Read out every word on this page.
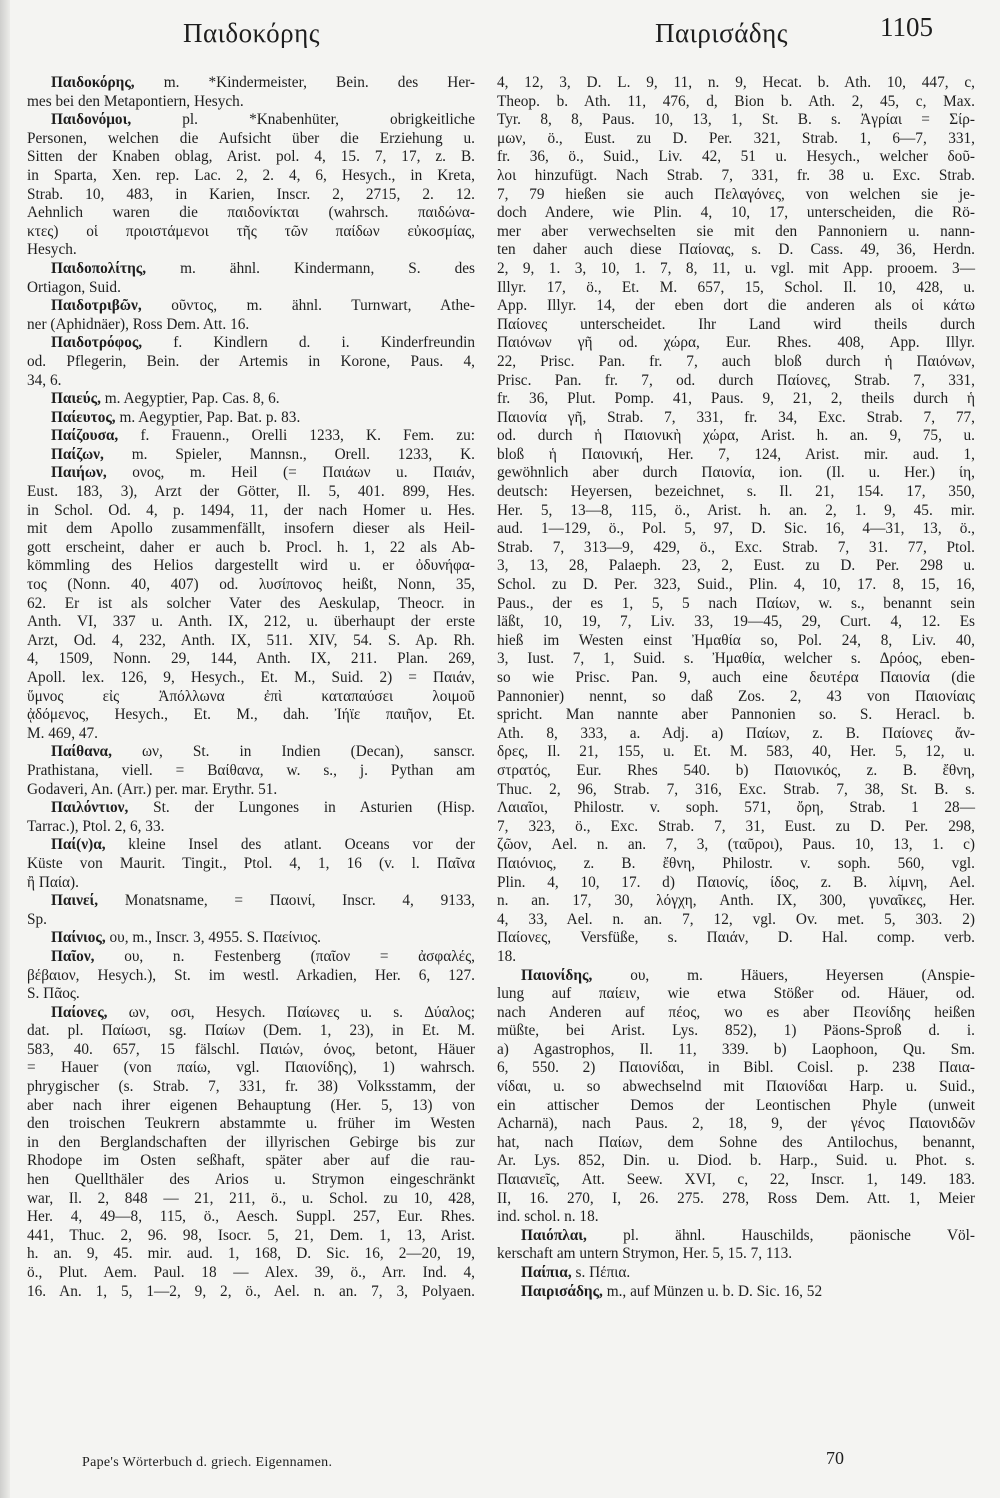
Παιδοκόρης	Παιρισάδης	1105
Παιδοκόρης, m. *Kindermeister, Bein. des Her-
mes bei den Metapontiern, Hesych.
Παιδονόμοι, pl. *Knabenhüter, obrigkeitliche
Personen, welchen die Aufsicht über die Erziehung u.
Sitten der Knaben oblag, Arist. pol. 4, 15. 7, 17, z. B.
in Sparta, Xen. rep. Lac. 2, 2. 4, 6, Hesych., in Kreta,
Strab. 10, 483, in Karien, Inscr. 2, 2715, 2. 12.
Aehnlich waren die παιδονίκται (wahrsch. παιδώνα-
κτες) οἱ προιστάμενοι τῆς τῶν παίδων εὐκοσμίας,
Hesych.
Παιδοπολίτης, m. ähnl. Kindermann, S. des
Ortiagon, Suid.
Παιδοτριβῶν, οῦντος, m. ähnl. Turnwart, Athe-
ner (Aphidnäer), Ross Dem. Att. 16.
Παιδοτρόφος, f. Kindlern d. i. Kinderfreundin
od. Pflegerin, Bein. der Artemis in Korone, Paus. 4,
34, 6.
Παιεύς, m. Aegyptier, Pap. Cas. 8, 6.
Παίευτος, m. Aegyptier, Pap. Bat. p. 83.
Παίζουσα, f. Frauenn., Orelli 1233, K. Fem. zu:
Παίζων, m. Spieler, Mannsn., Orell. 1233, K.
Παιήων, ονος, m. Heil (= Παιάων u. Παιάν,
Eust. 183, 3), Arzt der Götter, Il. 5, 401. 899, Hes.
in Schol. Od. 4, p. 1494, 11, der nach Homer u. Hes.
mit dem Apollo zusammenfällt, insofern dieser als Heil-
gott erscheint, daher er auch b. Procl. h. 1, 22 als Ab-
kömmling des Helios dargestellt wird u. er ὀδυνήφα-
τος (Nonn. 40, 407) od. λυσίπονος heißt, Nonn, 35,
62. Er ist als solcher Vater des Aeskulap, Theocr. in
Anth. VI, 337 u. Anth. IX, 212, u. überhaupt der erste
Arzt, Od. 4, 232, Anth. IX, 511. XIV, 54. S. Ap. Rh.
4, 1509, Nonn. 29, 144, Anth. IX, 211. Plan. 269,
Apoll. lex. 126, 9, Hesych., Et. M., Suid. 2) = Παιάν,
ὕμνος εἰς Ἀπόλλωνα ἐπὶ καταπαύσει λοιμοῦ
ᾀδόμενος, Hesych., Et. M., dah. Ἰήϊε παιῆον, Et.
M. 469, 47.
Παίθανα, ων, St. in Indien (Decan), sanscr.
Prathistana, viell. = Βαίθανα, w. s., j. Pythan am
Godaveri, An. (Arr.) per. mar. Erythr. 51.
Παιλόντιον, St. der Lungones in Asturien (Hisp.
Tarrac.), Ptol. 2, 6, 33.
Παί(ν)α, kleine Insel des atlant. Oceans vor der
Küste von Maurit. Tingit., Ptol. 4, 1, 16 (v. l. Παῖνα
ἢ Παία).
Παινεί, Monatsname, = Παοινί, Inscr. 4, 9133,
Sp.
Παίνιος, ου, m., Inscr. 3, 4955. S. Παείνιος.
Παῖον, ου, n. Festenberg (παῖον = ἀσφαλές,
βέβαιον, Hesych.), St. im westl. Arkadien, Her. 6, 127.
S. Πᾶος.
Παίονες, ων, οσι, Hesych. Παίωνες u. s. Δύαλος;
dat. pl. Παίωσι, sg. Παίων (Dem. 1, 23), in Et. M.
583, 40. 657, 15 fälschl. Παιών, όνος, betont, Häuer
= Hauer (von παίω, vgl. Παιονίδης), 1) wahrsch.
phrygischer (s. Strab. 7, 331, fr. 38) Volksstamm, der
aber nach ihrer eigenen Behauptung (Her. 5, 13) von
den troischen Teukrern abstammte u. früher im Westen
in den Berglandschaften der illyrischen Gebirge bis zur
Rhodope im Osten seßhaft, später aber auf die rau-
hen Quellthäler des Arios u. Strymon eingeschränkt
war, Il. 2, 848 — 21, 211, ö., u. Schol. zu 10, 428,
Her. 4, 49—8, 115, ö., Aesch. Suppl. 257, Eur. Rhes.
441, Thuc. 2, 96. 98, Isocr. 5, 21, Dem. 1, 13, Arist.
h. an. 9, 45. mir. aud. 1, 168, D. Sic. 16, 2—20, 19,
ö., Plut. Aem. Paul. 18 — Alex. 39, ö., Arr. Ind. 4,
16. An. 1, 5, 1—2, 9, 2, ö., Ael. n. an. 7, 3, Polyaen.
4, 12, 3, D. L. 9, 11, n. 9, Hecat. b. Ath. 10, 447, c,
Theop. b. Ath. 11, 476, d, Bion b. Ath. 2, 45, c, Max.
Tyr. 8, 8, Paus. 10, 13, 1, St. B. s. Ἀγρίαι = Σίρ-
μων, ö., Eust. zu D. Per. 321, Strab. 1, 6—7, 331,
fr. 36, ö., Suid., Liv. 42, 51 u. Hesych., welcher δοῦ-
λοι hinzufügt. Nach Strab. 7, 331, fr. 38 u. Exc. Strab.
7, 79 hießen sie auch Πελαγόνες, von welchen sie je-
doch Andere, wie Plin. 4, 10, 17, unterscheiden, die Rö-
mer aber verwechselten sie mit den Pannoniern u. nann-
ten daher auch diese Παίονας, s. D. Cass. 49, 36, Herdn.
2, 9, 1. 3, 10, 1. 7, 8, 11, u. vgl. mit App. prooem. 3—
Illyr. 17, ö., Et. M. 657, 15, Schol. Il. 10, 428, u.
App. Illyr. 14, der eben dort die anderen als οἱ κάτω
Παίονες unterscheidet. Ihr Land wird theils durch
Παιόνων γῆ od. χώρα, Eur. Rhes. 408, App. Illyr.
22, Prisc. Pan. fr. 7, auch bloß durch ἡ Παιόνων,
Prisc. Pan. fr. 7, od. durch Παίονες, Strab. 7, 331,
fr. 36, Plut. Pomp. 41, Paus. 9, 21, 2, theils durch ἡ
Παιονία γῆ, Strab. 7, 331, fr. 34, Exc. Strab. 7, 77,
od. durch ἡ Παιονικὴ χώρα, Arist. h. an. 9, 75, u.
bloß ἡ Παιονική, Her. 7, 124, Arist. mir. aud. 1,
gewöhnlich aber durch Παιονία, ion. (Il. u. Her.) ίη,
deutsch: Heyersen, bezeichnet, s. Il. 21, 154. 17, 350,
Her. 5, 13—8, 115, ö., Arist. h. an. 2, 1. 9, 45. mir.
aud. 1—129, ö., Pol. 5, 97, D. Sic. 16, 4—31, 13, ö.,
Strab. 7, 313—9, 429, ö., Exc. Strab. 7, 31. 77, Ptol.
3, 13, 28, Palaeph. 23, 2, Eust. zu D. Per. 298 u.
Schol. zu D. Per. 323, Suid., Plin. 4, 10, 17. 8, 15, 16,
Paus., der es 1, 5, 5 nach Παίων, w. s., benannt sein
läßt, 10, 19, 7, Liv. 33, 19—45, 29, Curt. 4, 12. Es
hieß im Westen einst Ἠμαθία so, Pol. 24, 8, Liv. 40,
3, Iust. 7, 1, Suid. s. Ἠμαθία, welcher s. Δρόος, eben-
so wie Prisc. Pan. 9, auch eine δευτέρα Παιονία (die
Pannonier) nennt, so daß Zos. 2, 43 von Παιονίαις
spricht. Man nannte aber Pannonien so. S. Heracl. b.
Ath. 8, 333, a. Adj. a) Παίων, z. B. Παίονες ἄν-
δρες, Il. 21, 155, u. Et. M. 583, 40, Her. 5, 12, u.
στρατός, Eur. Rhes 540. b) Παιονικός, z. B. ἔθνη,
Thuc. 2, 96, Strab. 7, 316, Exc. Strab. 7, 38, St. B. s.
Λαιαῖοι, Philostr. v. soph. 571, ὄρη, Strab. 1 28—
7, 323, ö., Exc. Strab. 7, 31, Eust. zu D. Per. 298,
ζῶον, Ael. n. an. 7, 3, (ταῦροι), Paus. 10, 13, 1. c)
Παιόνιος, z. B. ἔθνη, Philostr. v. soph. 560, vgl.
Plin. 4, 10, 17. d) Παιονίς, ίδος, z. B. λίμνη, Ael.
n. an. 17, 30, λόγχη, Anth. IX, 300, γυναῖκες, Her.
4, 33, Ael. n. an. 7, 12, vgl. Ov. met. 5, 303. 2)
Παίονες, Versfüße, s. Παιάν, D. Hal. comp. verb.
18.
Παιονίδης, ου, m. Häuers, Heyersen (Anspie-
lung auf παίειν, wie etwa Stößer od. Häuer, od.
nach Anderen auf πέος, wo es aber Πεονίδης heißen
müßte, bei Arist. Lys. 852), 1) Päons-Sproß d. i.
a) Agastrophos, Il. 11, 339. b) Laophoon, Qu. Sm.
6, 550. 2) Παιονίδαι, in Bibl. Coisl. p. 238 Παια-
νίδαι, u. so abwechselnd mit Παιονίδαι Harp. u. Suid.,
ein attischer Demos der Leontischen Phyle (unweit
Acharnä), nach Paus. 2, 18, 9, der γένος Παιονιδῶν
hat, nach Παίων, dem Sohne des Antilochus, benannt,
Ar. Lys. 852, Din. u. Diod. b. Harp., Suid. u. Phot. s.
Παιανιεῖς, Att. Seew. XVI, c, 22, Inscr. 1, 149. 183.
II, 16. 270, I, 26. 275. 278, Ross Dem. Att. 1, Meier
ind. schol. n. 18.
Παιόπλαι, pl. ähnl. Hauschilds, päonische Völ-
kerschaft am untern Strymon, Her. 5, 15. 7, 113.
Παίπια, s. Πέπια.
Παιρισάδης, m., auf Münzen u. b. D. Sic. 16, 52
Pape's Wörterbuch d. griech. Eigennamen.	70
